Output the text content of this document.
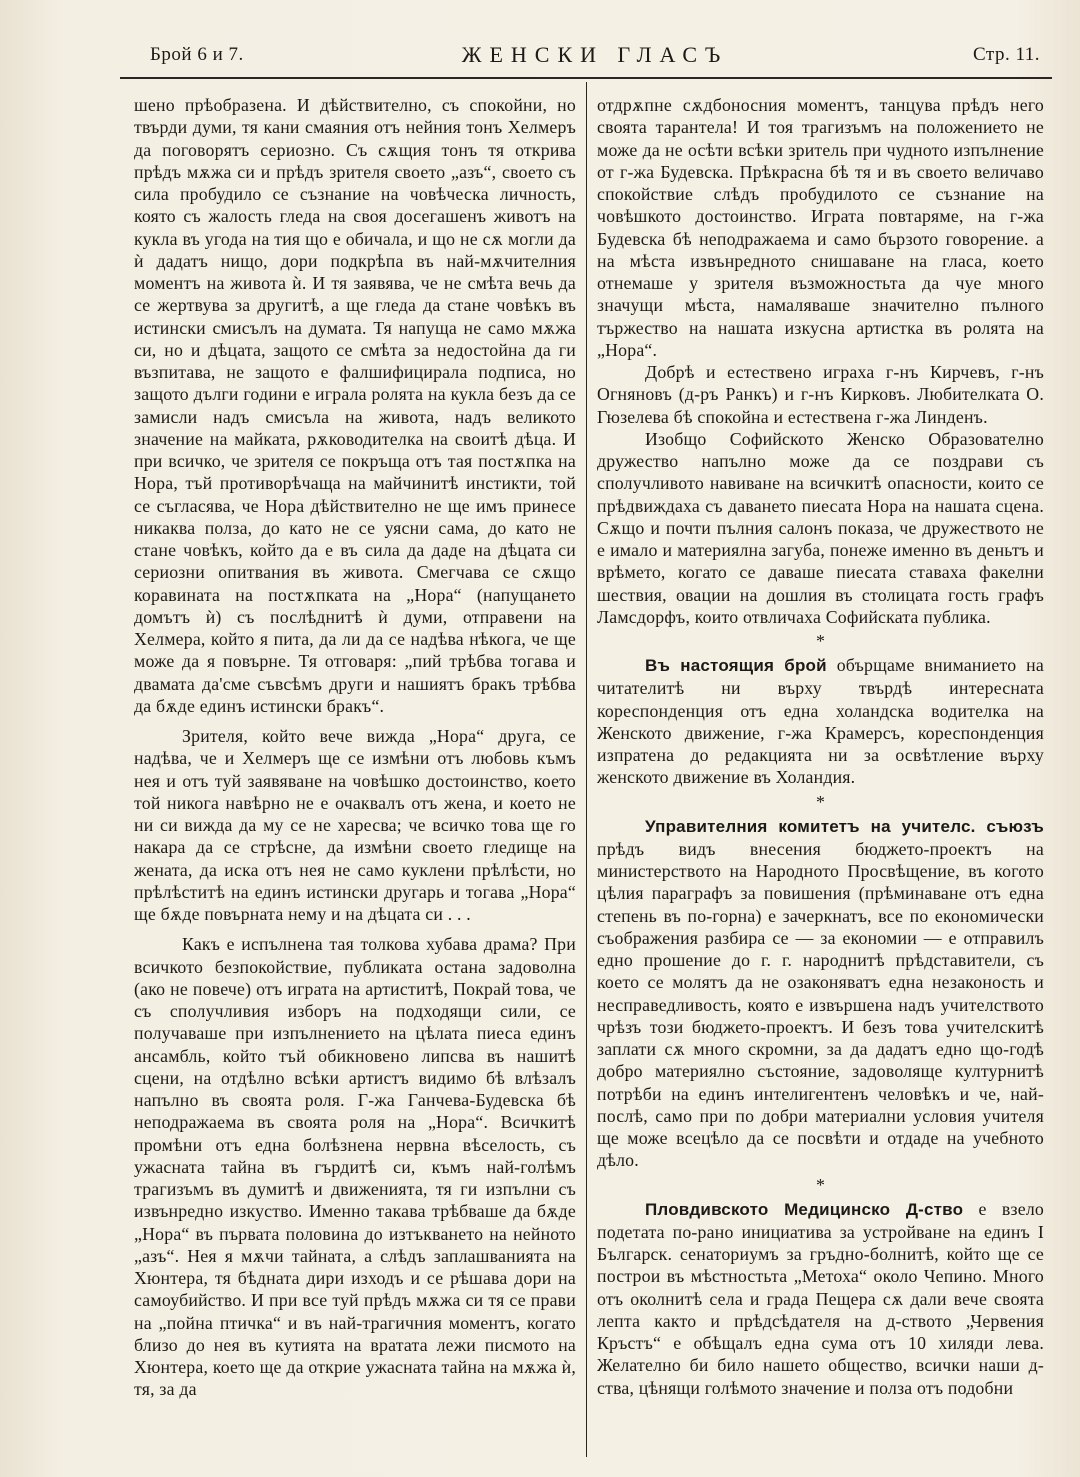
Брой 6 и 7.	ЖЕНСКИ ГЛАСЪ	Стр. 11.

шено прѣобразена. И дѣйствително, съ спокойни, но твърди думи, тя кани смаяния отъ нейния тонъ Хелмеръ да поговорятъ сериозно. Съ сѫщия тонъ тя открива прѣдъ мѫжа си и прѣдъ зрителя своето „азъ“, своето съ сила пробудило се съзнание на човѣческа личность, която съ жалость гледа на своя досегашенъ животъ на кукла въ угода на тия що е обичала, и що не сѫ могли да ѝ дадатъ нищо, дори подкрѣпа въ най-мѫчителния моментъ на живота ѝ. И тя заявява, че не смѣта вечь да се жертвува за другитѣ, а ще гледа да стане човѣкъ въ истински смисълъ на думата. Тя напуща не само мѫжа си, но и дѣцата, защото се смѣта за недостойна да ги възпитава, не защото е фалшифицирала подписа, но защото дълги години е играла ролята на кукла безъ да се замисли надъ смисъла на живота, надъ великото значение на майката, рѫководителка на своитѣ дѣца. И при всичко, че зрителя се покръща отъ тая постѫпка на Нора, тъй противорѣчаща на майчинитѣ инстикти, той се съгласява, че Нора дѣйствително не ще имъ принесе никаква полза, до като не се уясни сама, до като не стане човѣкъ, който да е въ сила да даде на дѣцата си сериозни опитвания въ живота. Смегчава се сѫщо коравината на постѫпката на „Нора“ (напущането домътъ ѝ) съ послѣднитѣ ѝ думи, отправени на Хелмера, който я пита, да ли да се надѣва нѣкога, че ще може да я повърне. Тя отговаря: „пий трѣбва тогава и двамата да'сме съвсѣмъ други и нашиятъ бракъ трѣбва да бѫде единъ истински бракъ“.

Зрителя, който вече вижда „Нора“ друга, се надѣва, че и Хелмеръ ще се измѣни отъ любовь къмъ нея и отъ туй заявяване на човѣшко достоинство, което той никога навѣрно не е очаквалъ отъ жена, и което не ни си вижда да му се не харесва; че всичко това ще го накара да се стрѣсне, да измѣни своето гледище на жената, да иска отъ нея не само куклени прѣлѣсти, но прѣлѣститѣ на единъ истински другарь и тогава „Нора“ ще бѫде повърната нему и на дѣцата си . . .

Какъ е испълнена тая толкова хубава драма? При всичкото безпокойствие, публиката остана задоволна (ако не повече) отъ играта на артиститѣ, Покрай това, че съ сполучливия изборъ на подходящи сили, се получаваше при изпълнението на цѣлата пиеса единъ ансамбль, който тъй обикновено липсва въ нашитѣ сцени, на отдѣлно всѣки артистъ видимо бѣ влѣзалъ напълно въ своята роля. Г-жа Ганчева-Будевска бѣ неподражаема въ своята роля на „Нора“. Всичкитѣ промѣни отъ една болѣзнена нервна вѣселость, съ ужасната тайна въ гърдитѣ си, къмъ най-голѣмъ трагизъмъ въ думитѣ и движенията, тя ги изпълни съ извънредно изкуство. Именно такава трѣбваше да бѫде „Нора“ въ първата половина до изтъкването на нейното „азъ“. Нея я мѫчи тайната, а слѣдъ заплашванията на Хюнтера, тя бѣдната дири изходъ и се рѣшава дори на самоубийство. И при все туй прѣдъ мѫжа си тя се прави на „пойна птичка“ и въ най-трагичния моментъ, когато близо до нея въ кутията на вратата лежи писмото на Хюнтера, което ще да открие ужасната тайна на мѫжа ѝ, тя, за да

отдрѫпне сѫдбоносния моментъ, танцува прѣдъ него своята тарантела! И тоя трагизъмъ на положението не може да не осѣти всѣки зритель при чудното изпълнение от г-жа Будевска. Прѣкрасна бѣ тя и въ своето величаво спокойствие слѣдъ пробудилото се съзнание на човѣшкото достоинство. Играта повтаряме, на г-жа Будевска бѣ неподражаема и само бързото говорение. а на мѣста извънредното снишаване на гласа, което отнемаше у зрителя възможностьта да чуе много значущи мѣста, намаляваше значително пълного тържество на нашата изкусна артистка въ ролята на „Нора“.

Добрѣ и естествено играха г-нъ Кирчевъ, г-нъ Огняновъ (д-ръ Ранкъ) и г-нъ Кирковъ. Любителката О. Гюзелева бѣ спокойна и естествена г-жа Линденъ.

Изобщо Софийското Женско Образователно дружество напълно може да се поздрави съ сполучливото навиване на всичкитѣ опасности, които се прѣдвиждаха съ даването пиесата Нора на нашата сцена. Сѫщо и почти пълния салонъ показа, че дружеството не е имало и материялна загуба, понеже именно въ деньтъ и врѣмето, когато се даваше пиесата ставаха факелни шествия, овации на дошлия въ столицата гость графъ Ламсдорфъ, които отвличаха Софийската публика.

*

Въ настоящия брой обърщаме вниманието на читателитѣ ни върху твърдѣ интересната кореспонденция отъ една холандска водителка на Женското движение, г-жа Крамерсъ, кореспонденция изпратена до редакцията ни за освѣтление върху женското движение въ Холандия.

*

Управителния комитетъ на учителс. съюзъ прѣдъ видъ внесения бюджето-проектъ на министерството на Народното Просвѣщение, въ когото цѣлия параграфъ за повишения (прѣминаване отъ една степень въ по-горна) е зачеркнатъ, все по економически съображения разбира се — за економии — е отправилъ едно прошение до г. г. народнитѣ прѣдставители, съ което се молятъ да не озаконяватъ една незаконость и несправедливость, която е извършена надъ учителството чрѣзъ този бюджето-проектъ. И безъ това учителскитѣ заплати сѫ много скромни, за да дадатъ едно що-годѣ добро материялно състояние, задоволяще културнитѣ потрѣби на единъ интелигентенъ человѣкъ и че, най-послѣ, само при по добри материални условия учителя ще може всецѣло да се посвѣти и отдаде на учебното дѣло.

*

Пловдивското Медицинско Д-ство е взело подетата по-рано инициатива за устройване на единъ I Българск. сенаториумъ за гръдно-болнитѣ, който ще се построи въ мѣстностьта „Метоха“ около Чепино. Много отъ околнитѣ села и града Пещера сѫ дали вече своята лепта както и прѣдсѣдателя на д-ството „Червения Кръстъ“ е обѣщалъ една сума отъ 10 хиляди лева. Желателно би било нашето общество, всички наши д-ства, цѣнящи голѣмото значение и полза отъ подобни
